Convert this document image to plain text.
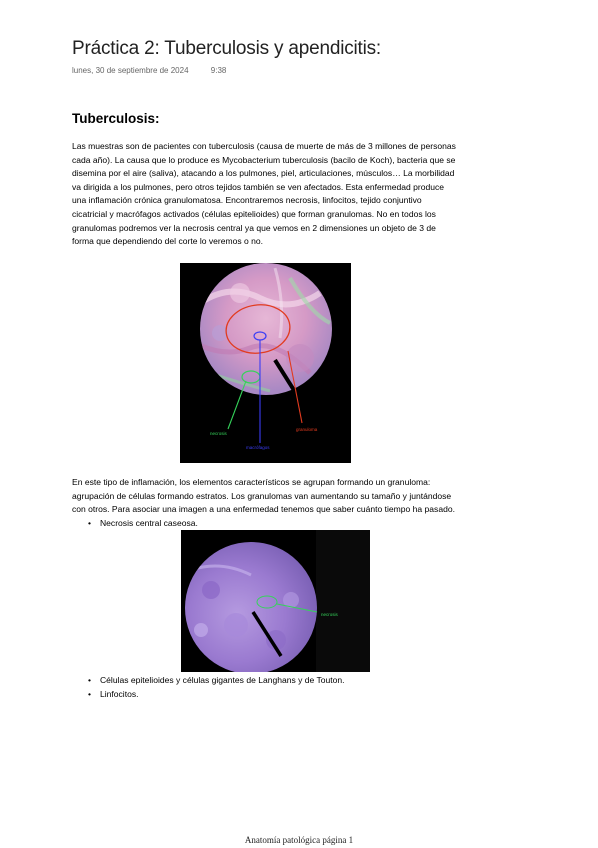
Práctica 2: Tuberculosis y apendicitis:
lunes, 30 de septiembre de 2024	9:38
Tuberculosis:

Las muestras son de pacientes con tuberculosis (causa de muerte de más de 3 millones de personas
cada año). La causa que lo produce es Mycobacterium tuberculosis (bacilo de Koch), bacteria que se
disemina por el aire (saliva), atacando a los pulmones, piel, articulaciones, músculos… La morbilidad
va dirigida a los pulmones, pero otros tejidos también se ven afectados. Esta enfermedad produce
una inflamación crónica granulomatosa. Encontraremos necrosis, linfocitos, tejido conjuntivo
cicatricial y macrófagos activados (células epitelioides) que forman granulomas. No en todos los
granulomas podremos ver la necrosis central ya que vemos en 2 dimensiones un objeto de 3 de
forma que dependiendo del corte lo veremos o no.

necrosis
macrófagos
granuloma

En este tipo de inflamación, los elementos característicos se agrupan formando un granuloma:
agrupación de células formando estratos. Los granulomas van aumentando su tamaño y juntándose
con otros. Para asociar una imagen a una enfermedad tenemos que saber cuánto tiempo ha pasado.

• Necrosis central caseosa.
necrosis
• Células epitelioides y células gigantes de Langhans y de Touton.
• Linfocitos.
Anatomía patológica página 1
